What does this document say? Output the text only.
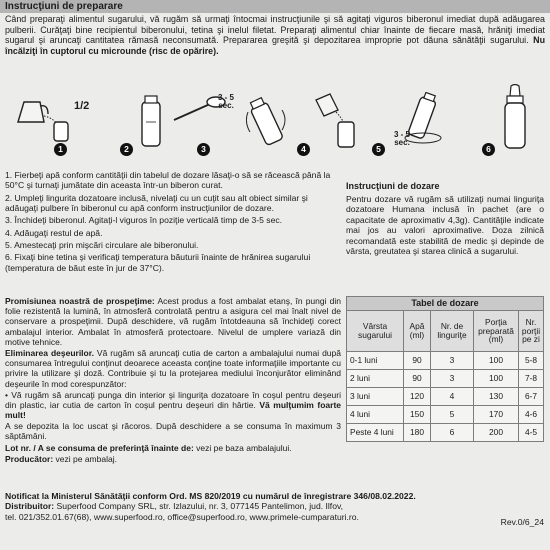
Instrucţiuni de preparare
Când preparaţi alimentul sugarului, vă rugăm să urmaţi întocmai instrucţiunile şi să agitaţi viguros biberonul imediat după adăugarea pulberii. Curăţaţi bine recipientul biberonului, tetina şi inelul filetat. Preparaţi alimentul chiar înainte de fiecare masă, hrăniţi imediat sugarul şi aruncaţi cantitatea rămasă neconsumată. Prepararea greşită şi depozitarea improprie pot dăuna sănătăţii sugarului. Nu încălziţi în cuptorul cu microunde (risc de opărire).
1/2
1	2	3
3 - 5
sec.
4
3 - 5
sec.
5	6

1. Fierbeţi apă conform cantităţii din tabelul de dozare lăsaţi-o să se răcească până la 50°C şi turnaţi jumătate din aceasta într-un biberon curat.

2. Umpleţi lingurita dozatoare inclusă, nivelaţi cu un cuţit sau alt obiect similar şi adăugaţi pulbere în biberonul cu apă conform instrucţiunilor de dozare.

3. Închideţi biberonul. Agitaţi-l viguros în poziţie verticală timp de 3-5 sec.

4. Adăugaţi restul de apă.

5. Amestecaţi prin mişcări circulare ale biberonului.

6. Fixaţi bine tetina şi verificaţi temperatura băuturii înainte de hrănirea sugarului (temperatura de băut este în jur de 37°C).

Instrucţiuni de dozare
Pentru dozare vă rugăm să utilizaţi numai linguriţa dozatoare Humana inclusă în pachet (are o capacitate de aproximativ 4,3g). Cantităţile indicate mai jos au valori aproximative. Doza zilnică recomandată este stabilită de medic şi depinde de vârsta, greutatea şi starea clinică a sugarului.
Tabel de dozare
Vârsta sugarului	Apă (ml)	Nr. de linguriţe	Porţia preparată (ml)	Nr. porţii pe zi
0-1 luni	90	3	100	5-8
2 luni	90	3	100	7-8
3 luni	120	4	130	6-7
4 luni	150	5	170	4-6
Peste 4 luni	180	6	200	4-5

Promisiunea noastră de prospeţime: Acest produs a fost ambalat etanş, în pungi din folie rezistentă la lumină, în atmosferă controlată pentru a asigura cel mai înalt nivel de conservare a prospeţimii. După deschidere, vă rugăm întotdeauna să închideţi corect ambalajul interior. Ambalat în atmosferă protectoare. Nivelul de umplere variază din motive tehnice.

Eliminarea deşeurilor. Vă rugăm să aruncaţi cutia de carton a ambalajului numai după consumarea întregului conţinut deoarece aceasta conţine toate informaţiile importante cu privire la utilizare şi doză. Contribuie şi tu la protejarea mediului înconjurător eliminând deşeurile în mod corespunzător:

• Vă rugăm să aruncaţi punga din interior şi linguriţa dozatoare în coşul pentru deşeuri din plastic, iar cutia de carton în coşul pentru deşeuri din hârtie. Vă mulţumim foarte mult!

A se depozita la loc uscat şi răcoros. După deschidere a se consuma în maximum 3 săptămâni.

Lot nr. / A se consuma de preferinţă înainte de: vezi pe baza ambalajului.

Producător: vezi pe ambalaj.

Notificat la Ministerul Sănătăţii conform Ord. MS 820/2019 cu numărul de înregistrare 346/08.02.2022.

Distribuitor: Superfood Company SRL, str. Izlazului, nr. 3, 077145 Pantelimon, jud. Ilfov,

tel. 021/352.01.67(68), www.superfood.ro, office@superfood.ro, www.primele-cumparaturi.ro.

Rev.0/6_24
